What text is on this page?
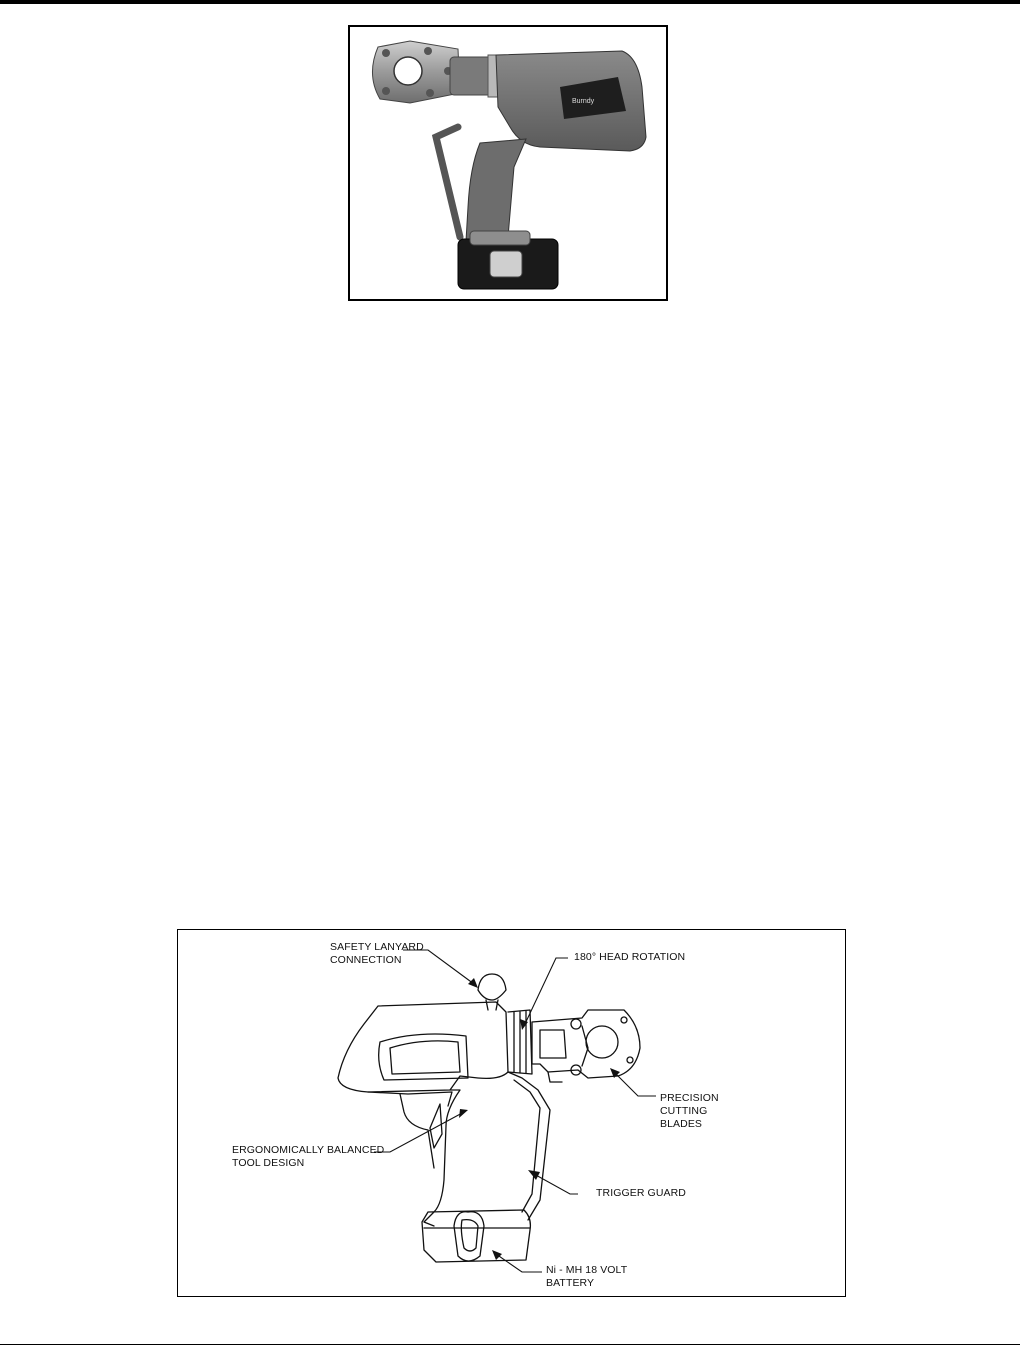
Burndy
SAFETY LANYARD
CONNECTION	180° HEAD ROTATION
PRECISION
CUTTING
BLADES
ERGONOMICALLY BALANCED
TOOL DESIGN
TRIGGER GUARD
Ni - MH 18 VOLT
BATTERY
